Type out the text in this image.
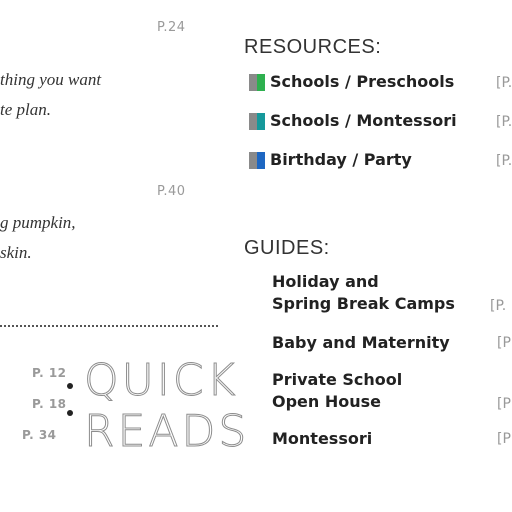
P.24
thing you want
te plan.
P.40
g pumpkin,
skin.
P. 12
P. 18
P. 34
QUICK
READS
RESOURCES:
Schools / Preschools	[P.
Schools / Montessori	[P.
Birthday / Party	[P.
GUIDES:
Holiday and
Spring Break Camps	[P.
Baby and Maternity	[P
Private School
Open House	[P
Montessori	[P
